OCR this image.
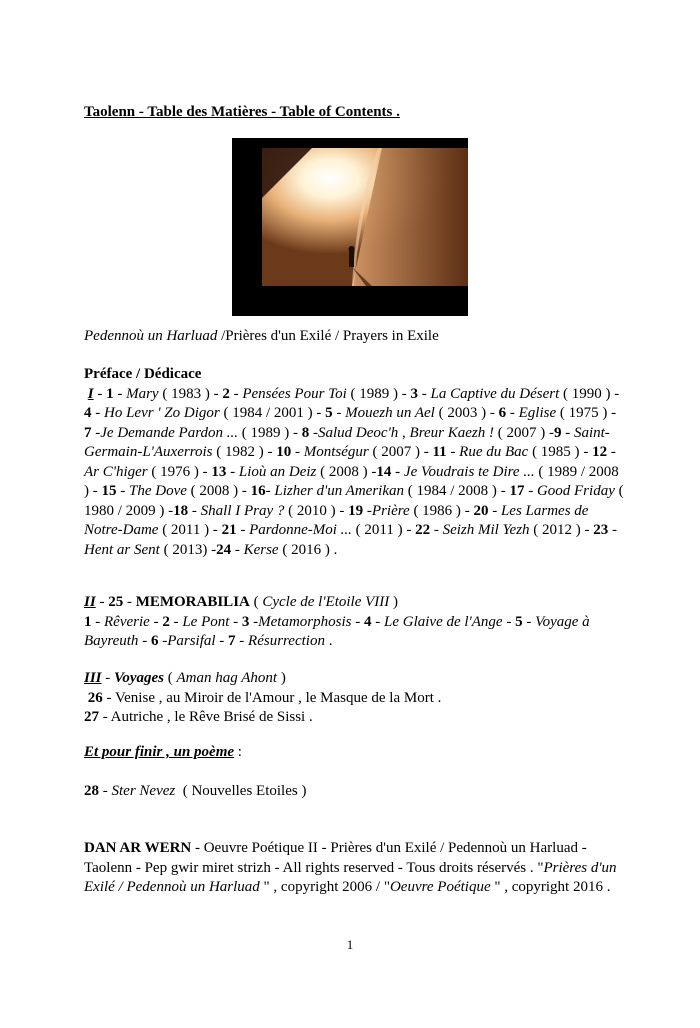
Taolenn - Table des Matières - Table of Contents .
Pedennoù un Harluad /Prières d'un Exilé / Prayers in Exile
Préface / Dédicace
I - 1 - Mary ( 1983 ) - 2 - Pensées Pour Toi ( 1989 ) - 3 - La Captive du Désert ( 1990 ) - 4 - Ho Levr ' Zo Digor ( 1984 / 2001 ) - 5 - Mouezh un Ael ( 2003 ) - 6 - Eglise ( 1975 ) - 7 -Je Demande Pardon ... ( 1989 ) - 8 -Salud Deoc'h , Breur Kaezh ! ( 2007 ) -9 - Saint-Germain-L'Auxerrois ( 1982 ) - 10 - Montségur ( 2007 ) - 11 - Rue du Bac ( 1985 ) - 12 - Ar C'higer ( 1976 ) - 13 - Lioù an Deiz ( 2008 ) -14 - Je Voudrais te Dire ... ( 1989 / 2008 ) - 15 - The Dove ( 2008 ) - 16- Lizher d'un Amerikan ( 1984 / 2008 ) - 17 - Good Friday ( 1980 / 2009 ) -18 - Shall I Pray ? ( 2010 ) - 19 -Prière ( 1986 ) - 20 - Les Larmes de Notre-Dame ( 2011 ) - 21 - Pardonne-Moi ... ( 2011 ) - 22 - Seizh Mil Yezh ( 2012 ) - 23 - Hent ar Sent ( 2013) -24 - Kerse ( 2016 ) .
II - 25 - MEMORABILIA ( Cycle de l'Etoile VIII )
1 - Rêverie - 2 - Le Pont - 3 -Metamorphosis - 4 - Le Glaive de l'Ange - 5 - Voyage à Bayreuth - 6 -Parsifal - 7 - Résurrection .
III - Voyages ( Aman hag Ahont )
26 - Venise , au Miroir de l'Amour , le Masque de la Mort .
27 - Autriche , le Rêve Brisé de Sissi .
Et pour finir , un poème :
28 - Ster Nevez ( Nouvelles Etoiles )
DAN AR WERN - Oeuvre Poétique II - Prières d'un Exilé / Pedennoù un Harluad - Taolenn - Pep gwir miret strizh - All rights reserved - Tous droits réservés . "Prières d'un Exilé / Pedennoù un Harluad " , copyright 2006 / "Oeuvre Poétique " , copyright 2016 .
1
